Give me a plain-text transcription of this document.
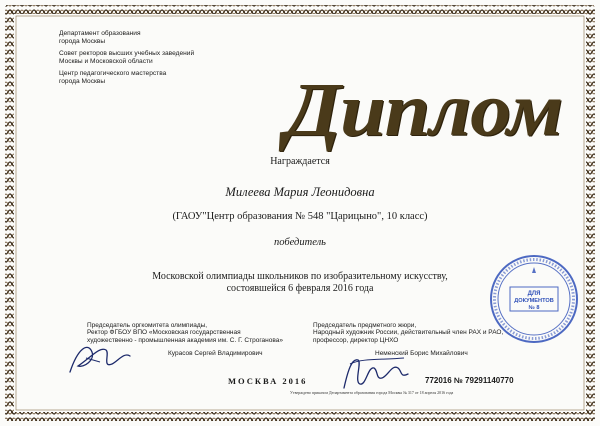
Департамент образования
города Москвы
Совет ректоров высших учебных заведений
Москвы и Московской области
Центр педагогического мастерства
города Москвы	Диплом
Награждается
Милеева Мария Леонидовна
(ГАОУ"Центр образования № 548 "Царицыно", 10 класс)
победитель
Московской олимпиады школьников по изобразительному искусству,
состоявшейся 6 февраля 2016 года
Председатель оргкомитета олимпиады,
Ректор ФГБОУ ВПО «Московская государственная
художественно - промышленная академия им. С. Г. Строганова»
Курасов Сергей Владимирович
Председатель предметного жюри,
Народный художник России, действительный член РАХ и РАО,
профессор, директор ЦНХО
Неменский Борис Михайлович
МОСКВА 2016	772016 № 79291140770
Утверждено приказом Департамента образования города Москвы № 317 от 18 апреля 2016 года
ДЛЯ
ДОКУМЕНТОВ
№ 8
